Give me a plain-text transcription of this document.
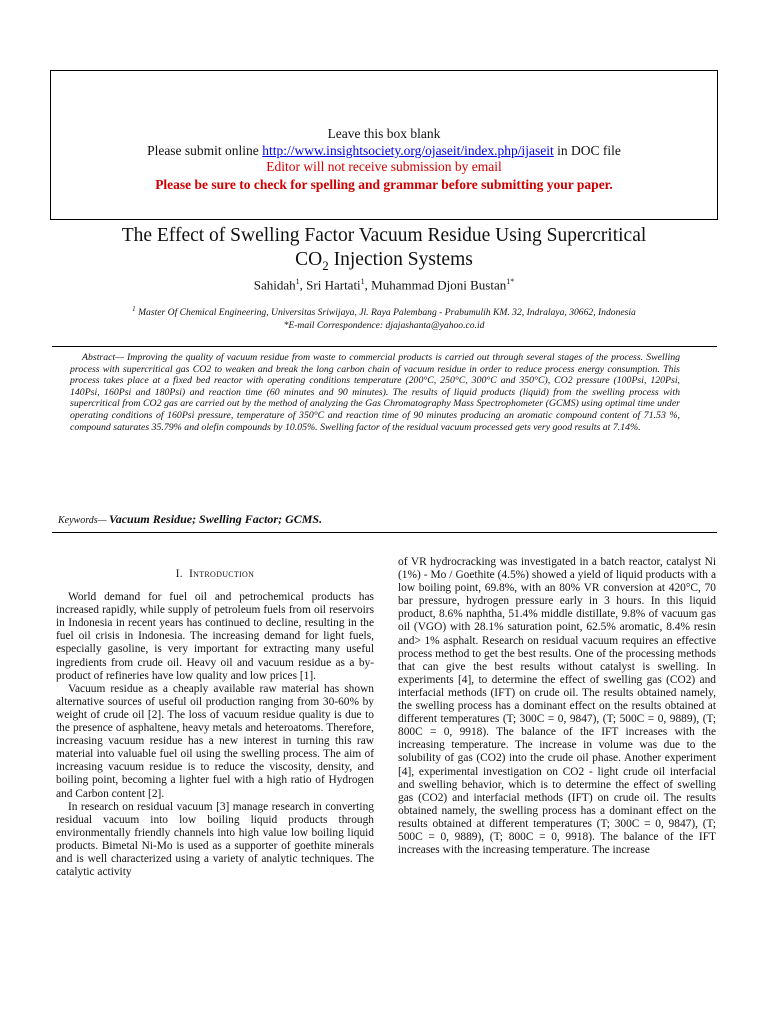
Leave this box blank
Please submit online http://www.insightsociety.org/ojaseit/index.php/ijaseit in DOC file
Editor will not receive submission by email
Please be sure to check for spelling and grammar before submitting your paper.
The Effect of Swelling Factor Vacuum Residue Using Supercritical
$CO_2$ Injection Systems
Sahidah$^1$, Sri Hartati$^1$, Muhammad Djoni Bustan$^{1*}$
$^1$ Master Of Chemical Engineering, Universitas Sriwijaya, Jl. Raya Palembang - Prabumulih KM. 32, Indralaya, 30662, Indonesia
*E-mail Correspondence: djajashanta@yahoo.co.id
Abstract— Improving the quality of vacuum residue from waste to commercial products is carried out through several stages of the process. Swelling process with supercritical gas CO2 to weaken and break the long carbon chain of vacuum residue in order to reduce process energy consumption. This process takes place at a fixed bed reactor with operating conditions temperature (200°C, 250°C, 300°C and 350°C), CO2 pressure (100Psi, 120Psi, 140Psi, 160Psi and 180Psi) and reaction time (60 minutes and 90 minutes). The results of liquid products (liquid) from the swelling process with supercritical from CO2 gas are carried out by the method of analyzing the Gas Chromatography Mass Spectrophometer (GCMS) using optimal time under operating conditions of 160Psi pressure, temperature of 350°C and reaction time of 90 minutes producing an aromatic compound content of 71.53 %, compound saturates 35.79% and olefin compounds by 10.05%. Swelling factor of the residual vacuum processed gets very good results at 7.14%.
Keywords— Vacuum Residue; Swelling Factor; GCMS.
I. Introduction

World demand for fuel oil and petrochemical products has increased rapidly, while supply of petroleum fuels from oil reservoirs in Indonesia in recent years has continued to decline, resulting in the fuel oil crisis in Indonesia. The increasing demand for light fuels, especially gasoline, is very important for extracting many useful ingredients from crude oil. Heavy oil and vacuum residue as a by-product of refineries have low quality and low prices [1].

Vacuum residue as a cheaply available raw material has shown alternative sources of useful oil production ranging from 30-60% by weight of crude oil [2]. The loss of vacuum residue quality is due to the presence of asphaltene, heavy metals and heteroatoms. Therefore, increasing vacuum residue has a new interest in turning this raw material into valuable fuel oil using the swelling process. The aim of increasing vacuum residue is to reduce the viscosity, density, and boiling point, becoming a lighter fuel with a high ratio of Hydrogen and Carbon content [2].

In research on residual vacuum [3] manage research in converting residual vacuum into low boiling liquid products through environmentally friendly channels into high value low boiling liquid products. Bimetal Ni-Mo is used as a supporter of goethite minerals and is well characterized using a variety of analytic techniques. The catalytic activity

of VR hydrocracking was investigated in a batch reactor, catalyst Ni (1%) - Mo / Goethite (4.5%) showed a yield of liquid products with a low boiling point, 69.8%, with an 80% VR conversion at 420°C, 70 bar pressure, hydrogen pressure early in 3 hours. In this liquid product, 8.6% naphtha, 51.4% middle distillate, 9.8% of vacuum gas oil (VGO) with 28.1% saturation point, 62.5% aromatic, 8.4% resin and> 1% asphalt. Research on residual vacuum requires an effective process method to get the best results. One of the processing methods that can give the best results without catalyst is swelling. In experiments [4], to determine the effect of swelling gas (CO2) and interfacial methods (IFT) on crude oil. The results obtained namely, the swelling process has a dominant effect on the results obtained at different temperatures (T; 300C = 0, 9847), (T; 500C = 0, 9889), (T; 800C = 0, 9918). The balance of the IFT increases with the increasing temperature. The increase in volume was due to the solubility of gas (CO2) into the crude oil phase. Another experiment [4], experimental investigation on CO2 - light crude oil interfacial and swelling behavior, which is to determine the effect of swelling gas (CO2) and interfacial methods (IFT) on crude oil. The results obtained namely, the swelling process has a dominant effect on the results obtained at different temperatures (T; 300C = 0, 9847), (T; 500C = 0, 9889), (T; 800C = 0, 9918). The balance of the IFT increases with the increasing temperature. The increase
